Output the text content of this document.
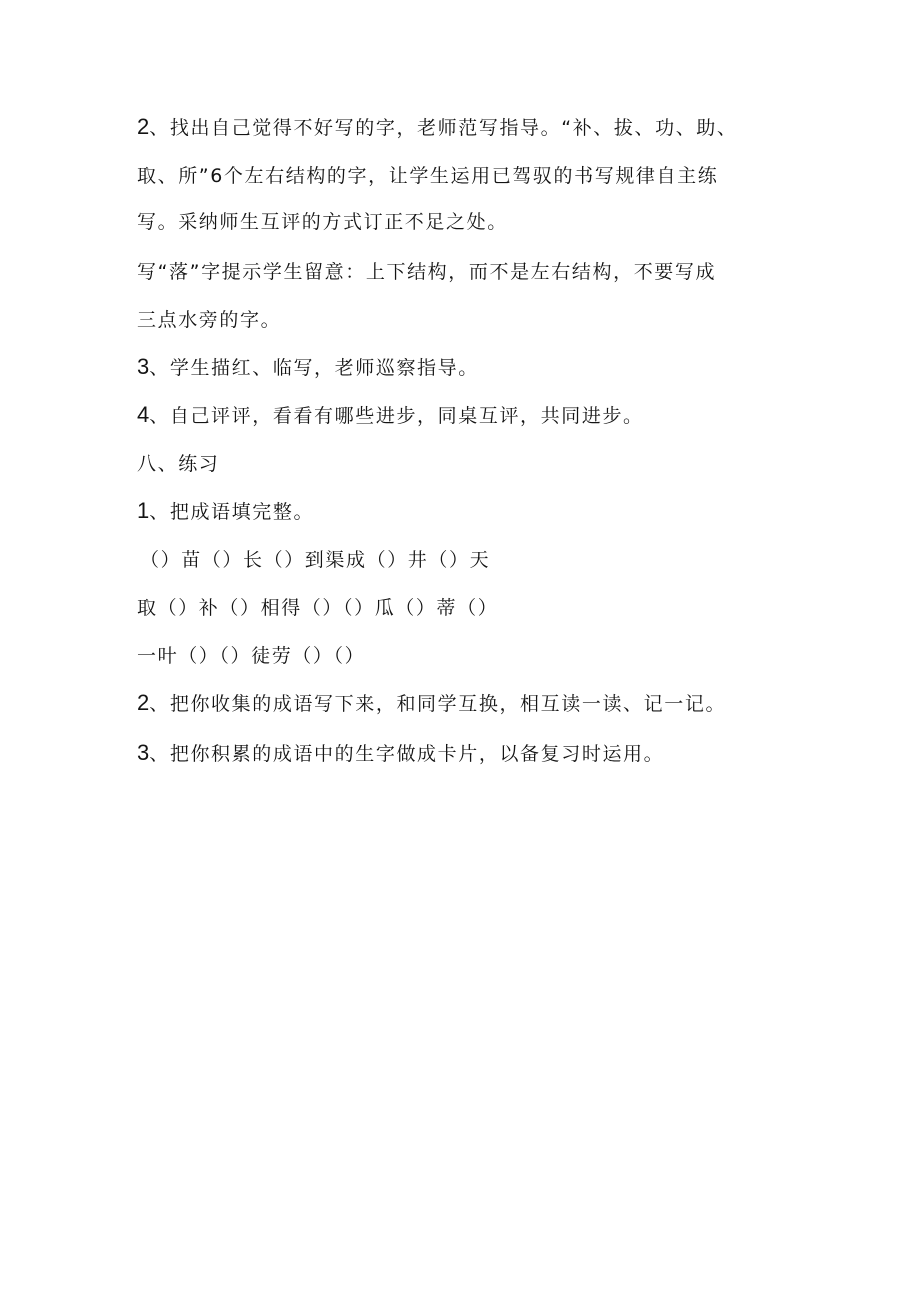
2、找出自己觉得不好写的字，老师范写指导。“补、拔、功、助、
取、所”6个左右结构的字，让学生运用已驾驭的书写规律自主练
写。采纳师生互评的方式订正不足之处。
写“落”字提示学生留意：上下结构，而不是左右结构，不要写成
三点水旁的字。
3、学生描红、临写，老师巡察指导。
4、自己评评，看看有哪些进步，同桌互评，共同进步。
八、练习
1、把成语填完整。
（）苗（）长（）到渠成（）井（）天
取（）补（）相得（）（）瓜（）蒂（）
一叶（）（）徒劳（）（）
2、把你收集的成语写下来，和同学互换，相互读一读、记一记。
3、把你积累的成语中的生字做成卡片，以备复习时运用。
